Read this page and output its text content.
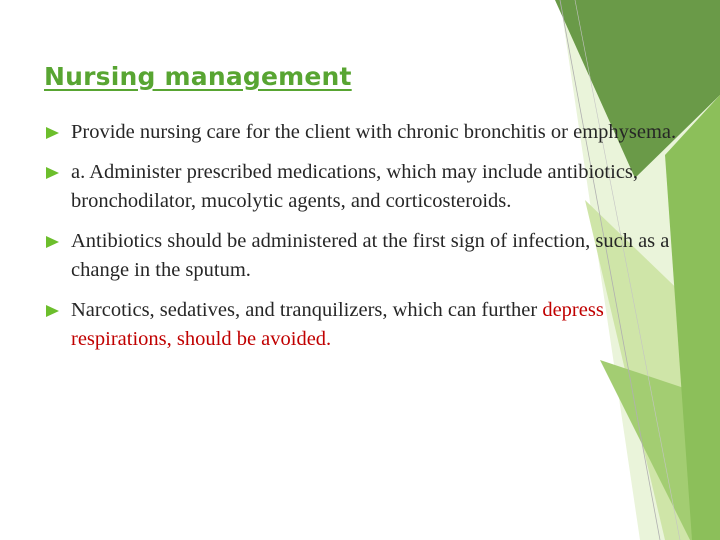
Nursing management
Provide nursing care for the client with chronic bronchitis or emphysema.
a. Administer prescribed medications, which may include antibiotics, bronchodilator, mucolytic agents, and corticosteroids.
Antibiotics should be administered at the first sign of infection, such as a change in the sputum.
Narcotics, sedatives, and tranquilizers, which can further depress respirations, should be avoided.
